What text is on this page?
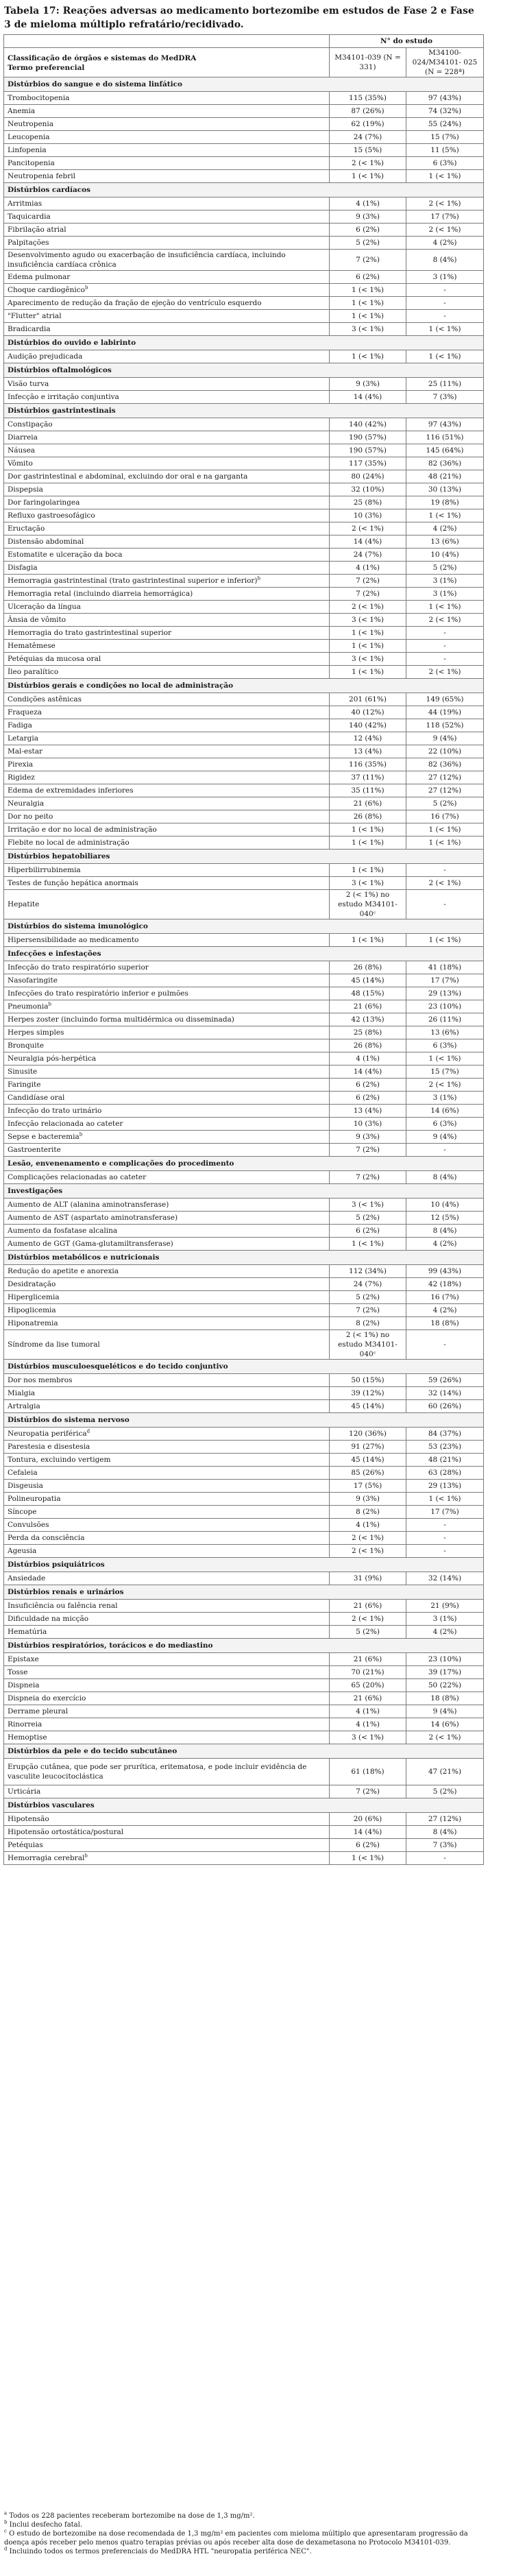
Tabela 17: Reações adversas ao medicamento bortezomibe em estudos de Fase 2 e Fase 3 de mieloma múltiplo refratário/recidivado.
	N° do estudo	

Classificação de órgãos e sistemas do MedDRA
Termo preferencial	M34101-039 (N = 331)	M34100-024/M34101- 025 (N = 228ª)
Distúrbios do sangue e do sistema linfático		
Trombocitopenia	115 (35%)	97 (43%)
Anemia	87 (26%)	74 (32%)
Neutropenia	62 (19%)	55 (24%)
Leucopenia	24 (7%)	15 (7%)
Linfopenia	15 (5%)	11 (5%)
Pancitopenia	2 (< 1%)	6 (3%)
Neutropenia febril	1 (< 1%)	1 (< 1%)
Distúrbios cardíacos		
Arritmias	4 (1%)	2 (< 1%)
Taquicardia	9 (3%)	17 (7%)
Fibrilação atrial	6 (2%)	2 (< 1%)
Palpitações	5 (2%)	4 (2%)
Desenvolvimento agudo ou exacerbação de insuficiência cardíaca, incluindo insuficiência cardíaca crônica	7 (2%)	8 (4%)
Edema pulmonar	6 (2%)	3 (1%)
Choque cardiogênico$^b$	1 (< 1%)	-
Aparecimento de redução da fração de ejeção do ventrículo esquerdo	1 (< 1%)	-
"Flutter" atrial	1 (< 1%)	-
Bradicardia	3 (< 1%)	1 (< 1%)
Distúrbios do ouvido e labirinto		
Audição prejudicada	1 (< 1%)	1 (< 1%)
Distúrbios oftalmológicos		
Visão turva	9 (3%)	25 (11%)
Infecção e irritação conjuntiva	14 (4%)	7 (3%)
Distúrbios gastrintestinais		
Constipação	140 (42%)	97 (43%)
Diarreia	190 (57%)	116 (51%)
Náusea	190 (57%)	145 (64%)
Vômito	117 (35%)	82 (36%)
Dor gastrintestinal e abdominal, excluindo dor oral e na garganta	80 (24%)	48 (21%)
Dispepsia	32 (10%)	30 (13%)
Dor faringolaringea	25 (8%)	19 (8%)
Refluxo gastroesofágico	10 (3%)	1 (< 1%)
Eructação	2 (< 1%)	4 (2%)
Distensão abdominal	14 (4%)	13 (6%)
Estomatite e ulceração da boca	24 (7%)	10 (4%)
Disfagia	4 (1%)	5 (2%)
Hemorragia gastrintestinal (trato gastrintestinal superior e inferior)$^b$	7 (2%)	3 (1%)
Hemorragia retal (incluindo diarreia hemorrágica)	7 (2%)	3 (1%)
Ulceração da língua	2 (< 1%)	1 (< 1%)
Ânsia de vômito	3 (< 1%)	2 (< 1%)
Hemorragia do trato gastrintestinal superior	1 (< 1%)	-
Hematêmese	1 (< 1%)	-
Petéquias da mucosa oral	3 (< 1%)	-
Íleo paralítico	1 (< 1%)	2 (< 1%)
Distúrbios gerais e condições no local de administração		
Condições astênicas	201 (61%)	149 (65%)
Fraqueza	40 (12%)	44 (19%)
Fadiga	140 (42%)	118 (52%)
Letargia	12 (4%)	9 (4%)
Mal-estar	13 (4%)	22 (10%)
Pirexia	116 (35%)	82 (36%)
Rigidez	37 (11%)	27 (12%)
Edema de extremidades inferiores	35 (11%)	27 (12%)
Neuralgia	21 (6%)	5 (2%)
Dor no peito	26 (8%)	16 (7%)
Irritação e dor no local de administração	1 (< 1%)	1 (< 1%)
Flebite no local de administração	1 (< 1%)	1 (< 1%)
Distúrbios hepatobiliares		
Hiperbilirrubinemia	1 (< 1%)	-
Testes de função hepática anormais	3 (< 1%)	2 (< 1%)
Hepatite	2 (< 1%) no estudo M34101-040ᶜ	-
Distúrbios do sistema imunológico		
Hipersensibilidade ao medicamento	1 (< 1%)	1 (< 1%)
Infecções e infestações		
Infecção do trato respiratório superior	26 (8%)	41 (18%)
Nasofaringite	45 (14%)	17 (7%)
Infecções do trato respiratório inferior e pulmões	48 (15%)	29 (13%)
Pneumonia$^b$	21 (6%)	23 (10%)
Herpes zoster (incluindo forma multidérmica ou disseminada)	42 (13%)	26 (11%)
Herpes simples	25 (8%)	13 (6%)
Bronquite	26 (8%)	6 (3%)
Neuralgia pós-herpética	4 (1%)	1 (< 1%)
Sinusite	14 (4%)	15 (7%)
Faringite	6 (2%)	2 (< 1%)
Candidíase oral	6 (2%)	3 (1%)
Infecção do trato urinário	13 (4%)	14 (6%)
Infecção relacionada ao cateter	10 (3%)	6 (3%)
Sepse e bacteremia$^b$	9 (3%)	9 (4%)
Gastroenterite	7 (2%)	-
Lesão, envenenamento e complicações do procedimento		
Complicações relacionadas ao cateter	7 (2%)	8 (4%)
Investigações		
Aumento de ALT (alanina aminotransferase)	3 (< 1%)	10 (4%)
Aumento de AST (aspartato aminotransferase)	5 (2%)	12 (5%)
Aumento da fosfatase alcalina	6 (2%)	8 (4%)
Aumento de GGT (Gama-glutamiltransferase)	1 (< 1%)	4 (2%)
Distúrbios metabólicos e nutricionais		
Redução do apetite e anorexia	112 (34%)	99 (43%)
Desidratação	24 (7%)	42 (18%)
Hiperglicemia	5 (2%)	16 (7%)
Hipoglicemia	7 (2%)	4 (2%)
Hiponatremia	8 (2%)	18 (8%)
Síndrome da lise tumoral	2 (< 1%) no estudo M34101-040ᶜ	-
Distúrbios musculoesqueléticos e do tecido conjuntivo		
Dor nos membros	50 (15%)	59 (26%)
Mialgia	39 (12%)	32 (14%)
Artralgia	45 (14%)	60 (26%)
Distúrbios do sistema nervoso		
Neuropatia periférica$^d$	120 (36%)	84 (37%)
Parestesia e disestesia	91 (27%)	53 (23%)
Tontura, excluindo vertigem	45 (14%)	48 (21%)
Cefaleia	85 (26%)	63 (28%)
Disgeusia	17 (5%)	29 (13%)
Polineuropatia	9 (3%)	1 (< 1%)
Síncope	8 (2%)	17 (7%)
Convulsões	4 (1%)	-
Perda da consciência	2 (< 1%)	-
Ageusia	2 (< 1%)	-
Distúrbios psiquiátricos		
Ansiedade	31 (9%)	32 (14%)
Distúrbios renais e urinários		
Insuficiência ou falência renal	21 (6%)	21 (9%)
Dificuldade na micção	2 (< 1%)	3 (1%)
Hematúria	5 (2%)	4 (2%)
Distúrbios respiratórios, torácicos e do mediastino		
Epistaxe	21 (6%)	23 (10%)
Tosse	70 (21%)	39 (17%)
Dispneia	65 (20%)	50 (22%)
Dispneia do exercício	21 (6%)	18 (8%)
Derrame pleural	4 (1%)	9 (4%)
Rinorreia	4 (1%)	14 (6%)
Hemoptise	3 (< 1%)	2 (< 1%)
Distúrbios da pele e do tecido subcutâneo		
Erupção cutânea, que pode ser prurítica, eritematosa, e pode incluir evidência de vasculite leucocitoclástica	61 (18%)	47 (21%)
Urticária	7 (2%)	5 (2%)
Distúrbios vasculares		
Hipotensão	20 (6%)	27 (12%)
Hipotensão ortostática/postural	14 (4%)	8 (4%)
Petéquias	6 (2%)	7 (3%)
Hemorragia cerebral$^b$	1 (< 1%)	-

$^a$ Todos os 228 pacientes receberam bortezomibe na dose de 1,3 mg/m².

$^b$ Inclui desfecho fatal.

$^c$ O estudo de bortezomibe na dose recomendada de 1,3 mg/m² em pacientes com mieloma múltiplo que apresentaram progressão da doença após receber pelo menos quatro terapias prévias ou após receber alta dose de dexametasona no Protocolo M34101-039.

$^d$ Incluindo todos os termos preferenciais do MedDRA HTL "neuropatia periférica NEC".
